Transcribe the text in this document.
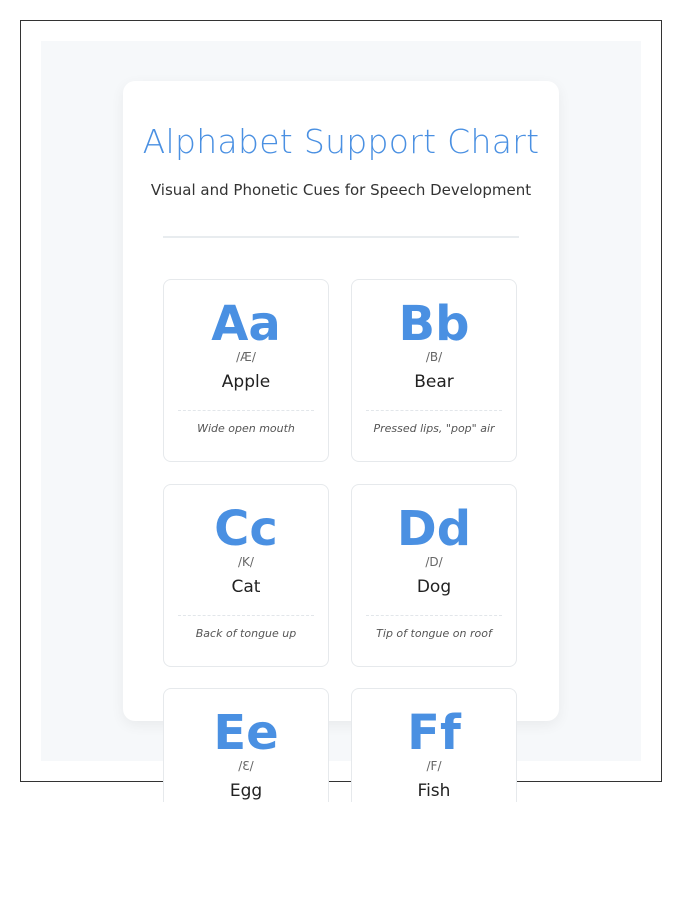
Alphabet Support Chart
Visual and Phonetic Cues for Speech Development
Aa
/Æ/
Apple
Wide open mouth
Bb
/B/
Bear
Pressed lips, "pop" air
Cc
/K/
Cat
Back of tongue up
Dd
/D/
Dog
Tip of tongue on roof
Ee
/Ɛ/
Egg
Ff
/F/
Fish
